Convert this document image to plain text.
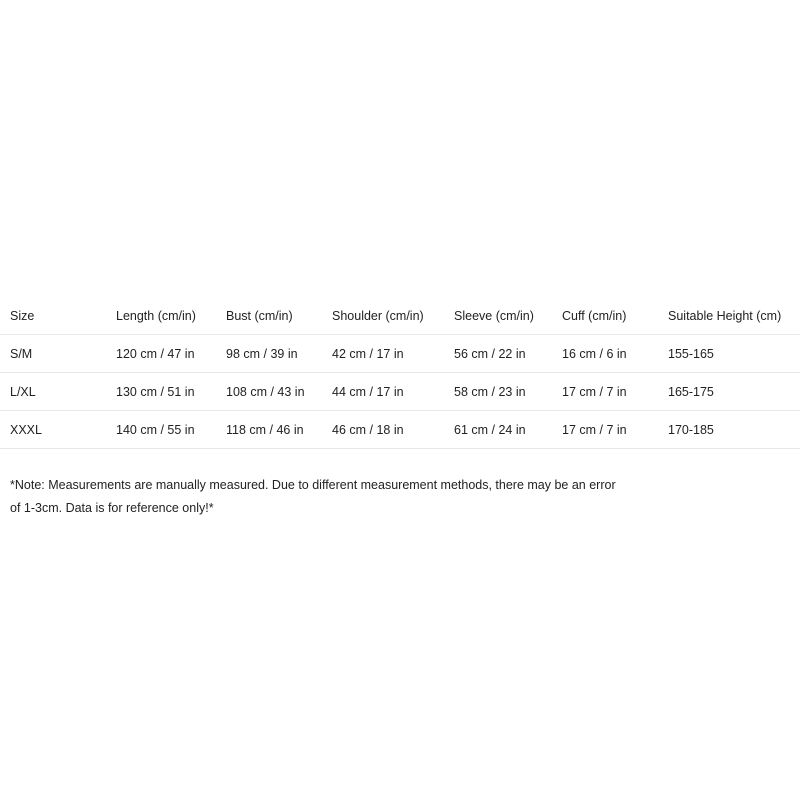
Size	Length (cm/in)	Bust (cm/in)	Shoulder (cm/in)	Sleeve (cm/in)	Cuff (cm/in)	Suitable Height (cm)
S/M	120 cm / 47 in	98 cm / 39 in	42 cm / 17 in	56 cm / 22 in	16 cm / 6 in	155-165
L/XL	130 cm / 51 in	108 cm / 43 in	44 cm / 17 in	58 cm / 23 in	17 cm / 7 in	165-175
XXXL	140 cm / 55 in	118 cm / 46 in	46 cm / 18 in	61 cm / 24 in	17 cm / 7 in	170-185

*Note: Measurements are manually measured. Due to different measurement methods, there may be an error of 1-3cm. Data is for reference only!*
